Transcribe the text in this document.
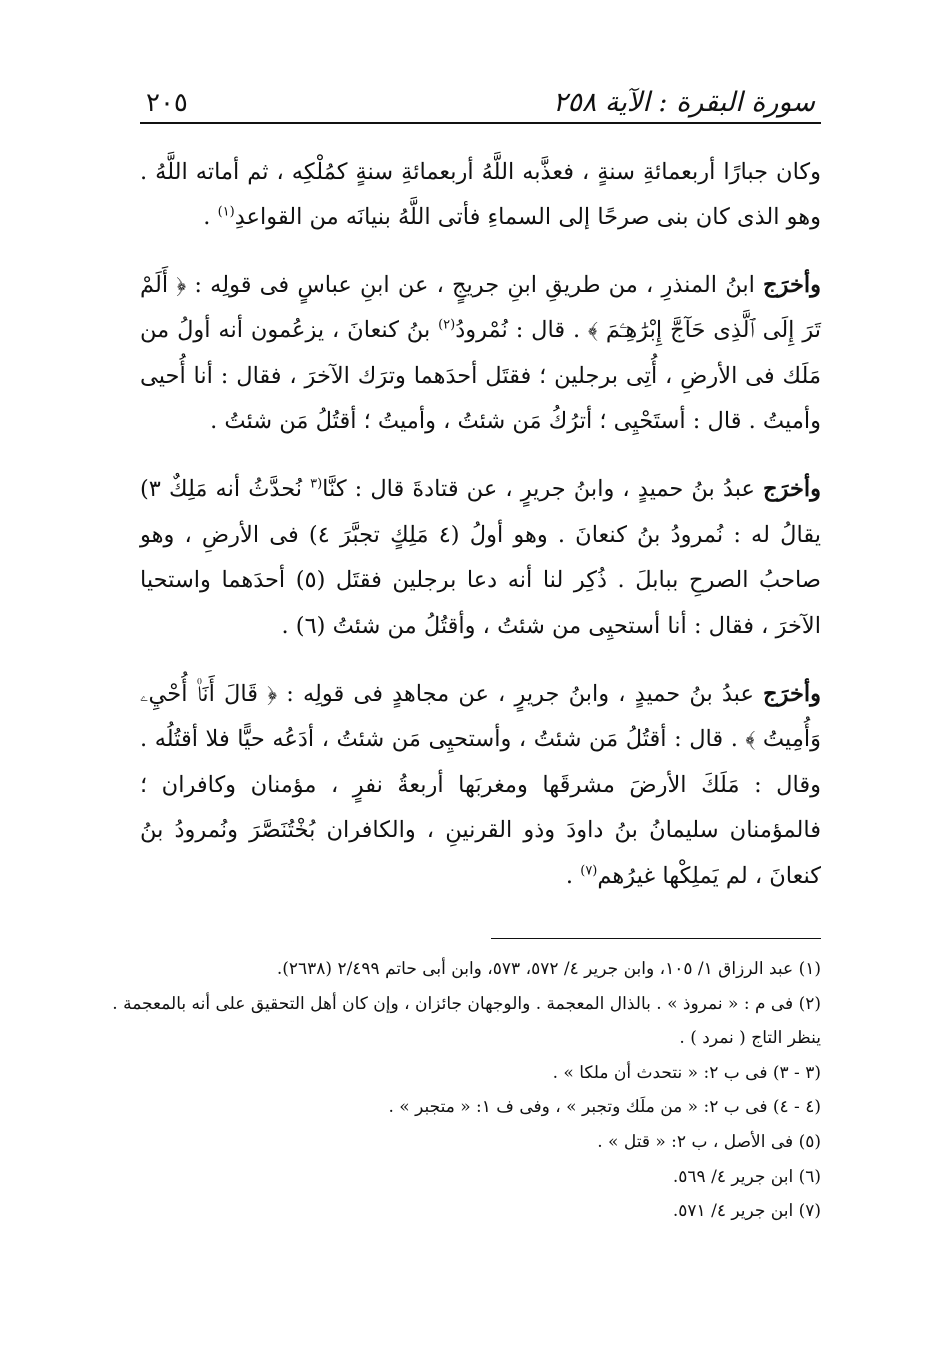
٢٠٥	سورة البقرة : الآية ٢٥٨

وكان جبارًا أربعمائةِ سنةٍ ، فعذَّبه اللَّهُ أربعمائةِ سنةٍ كمُلْكِه ، ثم أماته اللَّهُ . وهو الذى كان بنى صرحًا إلى السماءِ فأتى اللَّهُ بنيانَه من القواعدِ$^{(١)}$ .

وأخرَج ابنُ المنذرِ ، من طريقِ ابنِ جريجٍ ، عن ابنِ عباسٍ فى قولِه : ﴿ أَلَمْ تَرَ إِلَى ٱلَّذِى حَآجَّ إِبْرَٰهِـۧمَ ﴾ . قال : نُمْرودُ$^{(٢)}$ بنُ كنعانَ ، يزعُمون أنه أولُ من مَلَك فى الأرضِ ، أُتِى برجلين ؛ فقتَل أحدَهما وترَك الآخرَ ، فقال : أنا أُحيى وأميتُ . قال : أستَحْيِى ؛ أترُكُ مَن شئتُ ، وأميتُ ؛ أقتُلُ مَن شئتُ .

وأخرَج عبدُ بنُ حميدٍ ، وابنُ جريرٍ ، عن قتادةَ قال : كنَّا$^{(٣}$ نُحدَّثُ أنه مَلِكٌ ٣) يقالُ له : نُمرودُ بنُ كنعانَ . وهو أولُ (٤ مَلِكٍ تجبَّرَ ٤) فى الأرضِ ، وهو صاحبُ الصرحِ ببابلَ . ذُكِر لنا أنه دعا برجلين فقتَل (٥) أحدَهما واستحيا الآخرَ ، فقال : أنا أستحيِى من شئتُ ، وأقتُلُ من شئتُ (٦) .

وأخرَج عبدُ بنُ حميدٍ ، وابنُ جريرٍ ، عن مجاهدٍ فى قولِه : ﴿ قَالَ أَنَا۠ أُحْيِۦ وَأُمِيتُ ﴾ . قال : أقتُلُ مَن شئتُ ، وأستحيِى مَن شئتُ ، أدَعُه حيًّا فلا أقتُلُه . وقال : مَلَكَ الأرضَ مشرقَها ومغربَها أربعةُ نفرٍ ، مؤمنان وكافران ؛ فالمؤمنان سليمانُ بنُ داودَ وذو القرنينِ ، والكافران بُخْتُنَصَّرَ ونُمرودُ بنُ كنعانَ ، لم يَملِكْها غيرُهم$^{(٧)}$ .

(١) عبد الرزاق ١/ ١٠٥، وابن جرير ٤/ ٥٧٢، ٥٧٣، وابن أبى حاتم ٢/٤٩٩ (٢٦٣٨).

(٢) فى م : « نمروذ » . بالذال المعجمة . والوجهان جائزان ، وإن كان أهل التحقيق على أنه بالمعجمة .

ينظر التاج ( نمرد ) .

(٣ - ٣) فى ب ٢: « نتحدث أن ملكا » .

(٤ - ٤) فى ب ٢: « من ملَك وتجبر » ، وفى ف ١: « متجبر » .

(٥) فى الأصل ، ب ٢: « قتل » .

(٦) ابن جرير ٤/ ٥٦٩.

(٧) ابن جرير ٤/ ٥٧١.
